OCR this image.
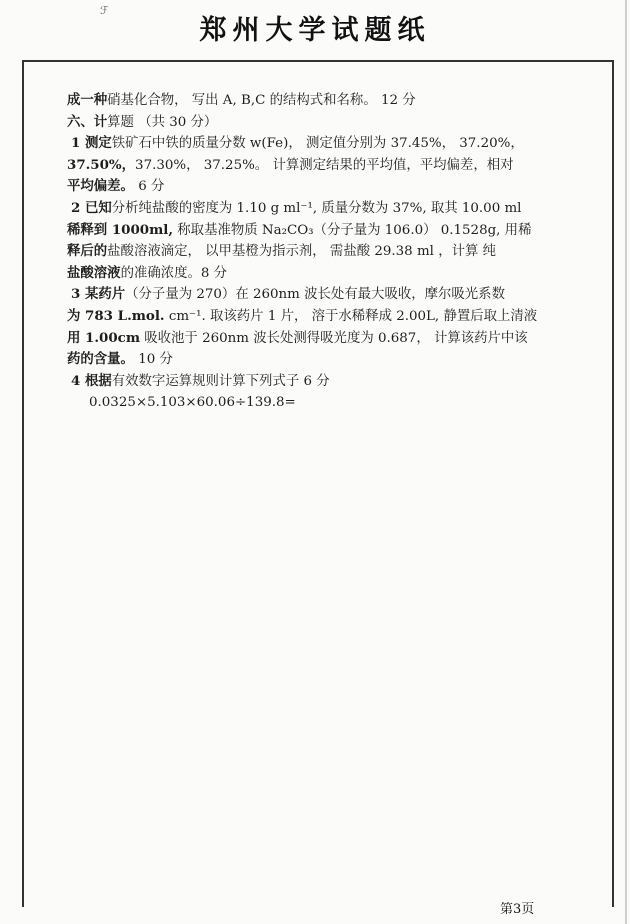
ℱ
郑州大学试题纸
成一种硝基化合物， 写出 A, B,C 的结构式和名称。 12 分
六、计算题 （共 30 分）
1 测定铁矿石中铁的质量分数 w(Fe)， 测定值分别为 37.45%， 37.20%，
37.50%，37.30%， 37.25%。 计算测定结果的平均值，平均偏差，相对
平均偏差。 6 分
2 已知分析纯盐酸的密度为 1.10 g ml⁻¹, 质量分数为 37%, 取其 10.00 ml
稀释到 1000ml, 称取基准物质 Na₂CO₃（分子量为 106.0） 0.1528g, 用稀
释后的盐酸溶液滴定， 以甲基橙为指示剂， 需盐酸 29.38 ml ，计算 纯
盐酸溶液的准确浓度。8 分
3 某药片（分子量为 270）在 260nm 波长处有最大吸收，摩尔吸光系数
为 783 L.mol. cm⁻¹. 取该药片 1 片， 溶于水稀释成 2.00L, 静置后取上清液
用 1.00cm 吸收池于 260nm 波长处测得吸光度为 0.687， 计算该药片中该
药的含量。 10 分
4 根据有效数字运算规则计算下列式子 6 分
0.0325×5.103×60.06÷139.8=
第3页
